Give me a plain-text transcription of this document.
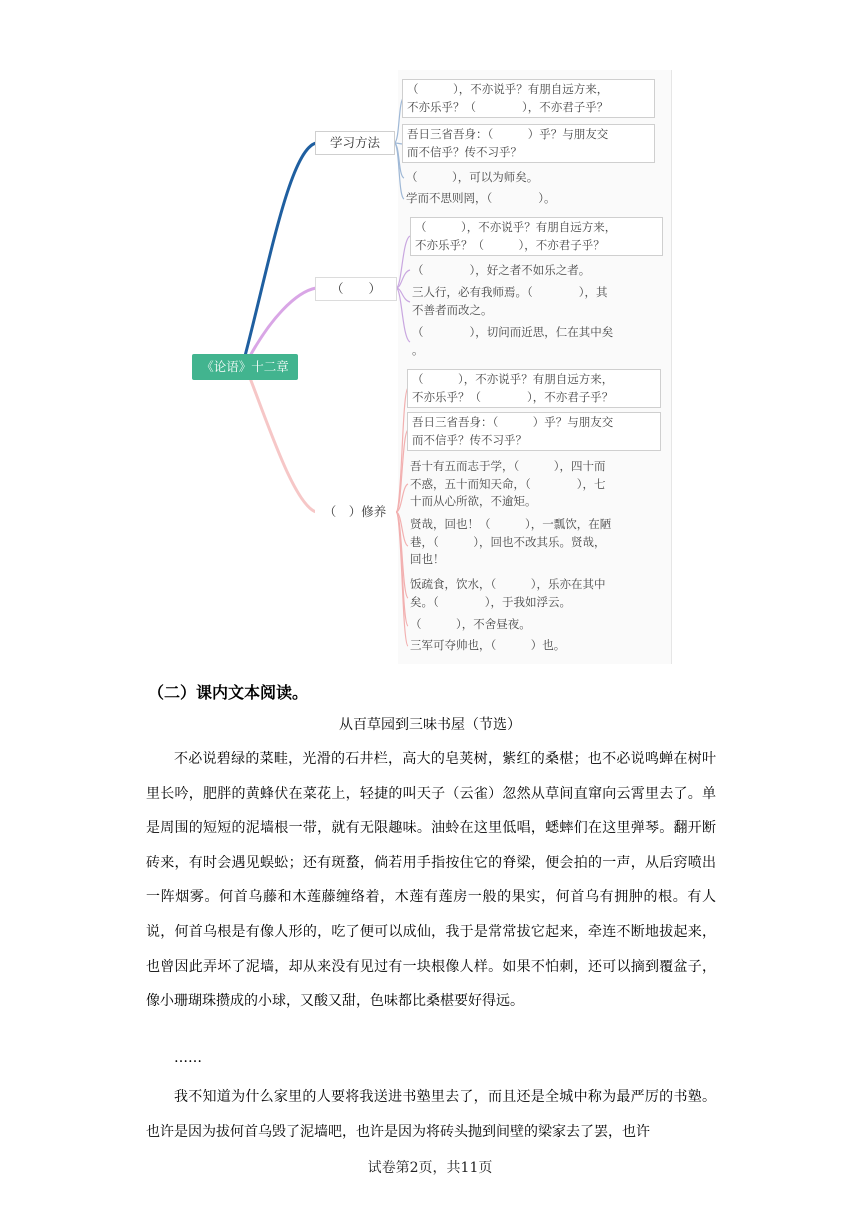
《论语》十二章
学习方法
（　　）
（　）修养
（　　　），不亦说乎？有朋自远方来，
不亦乐乎？（　　　　），不亦君子乎？
吾日三省吾身：（　　　）乎？与朋友交
而不信乎？传不习乎？
（　　　），可以为师矣。
学而不思则罔，（　　　　）。
（　　　），不亦说乎？有朋自远方来，
不亦乐乎？（　　　），不亦君子乎？
（　　　　），好之者不如乐之者。
三人行，必有我师焉。（　　　　），其
不善者而改之。
（　　　　），切问而近思，仁在其中矣
。
（　　　），不亦说乎？有朋自远方来，
不亦乐乎？（　　　　），不亦君子乎？
吾日三省吾身：（　　　）乎？与朋友交
而不信乎？传不习乎？
吾十有五而志于学，（　　　），四十而
不惑，五十而知天命，（　　　　），七
十而从心所欲，不逾矩。
贤哉，回也！（　　　），一瓢饮，在陋
巷，（　　　），回也不改其乐。贤哉，
回也！
饭疏食，饮水，（　　　），乐亦在其中
矣。（　　　　），于我如浮云。
（　　　），不舍昼夜。
三军可夺帅也，（　　　）也。
（二）课内文本阅读。
从百草园到三味书屋（节选）

不必说碧绿的菜畦，光滑的石井栏，高大的皂荚树，紫红的桑椹；也不必说鸣蝉在树叶里长吟，肥胖的黄蜂伏在菜花上，轻捷的叫天子（云雀）忽然从草间直窜向云霄里去了。单是周围的短短的泥墙根一带，就有无限趣味。油蛉在这里低唱，蟋蟀们在这里弹琴。翻开断砖来，有时会遇见蜈蚣；还有斑蝥，倘若用手指按住它的脊梁，便会拍的一声，从后窍喷出一阵烟雾。何首乌藤和木莲藤缠络着，木莲有莲房一般的果实，何首乌有拥肿的根。有人说，何首乌根是有像人形的，吃了便可以成仙，我于是常常拔它起来，牵连不断地拔起来，也曾因此弄坏了泥墙，却从来没有见过有一块根像人样。如果不怕刺，还可以摘到覆盆子，像小珊瑚珠攒成的小球，又酸又甜，色味都比桑椹要好得远。

……

我不知道为什么家里的人要将我送进书塾里去了，而且还是全城中称为最严厉的书塾。也许是因为拔何首乌毁了泥墙吧，也许是因为将砖头抛到间壁的梁家去了罢，也许

试卷第2页，共11页
